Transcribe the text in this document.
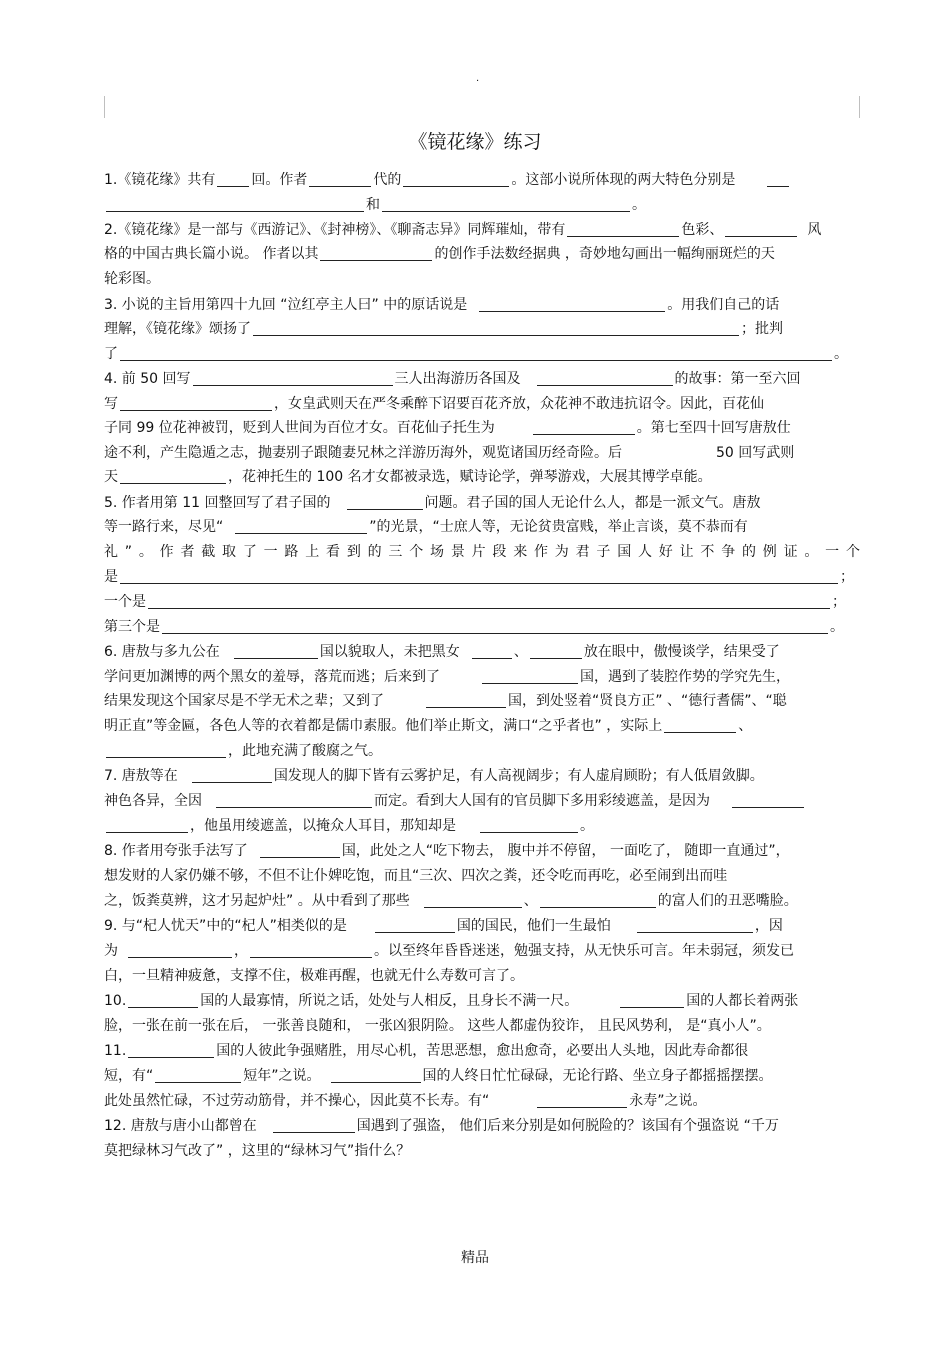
.
《镜花缘》练习
1.《镜花缘》共有	回。作者	代的	。这部小说所体现的两大特色分别是
和	。
2.《镜花缘》是一部与《西游记》、《封神榜》、《聊斋志异》同辉璀灿，带有	色彩、	风
格的中国古典长篇小说。 作者以其	的创作手法数经据典 ，奇妙地勾画出一幅绚丽斑烂的天
轮彩图。
3. 小说的主旨用第四十九回 “泣红亭主人曰” 中的原话说是	。用我们自己的话
理解，《镜花缘》颂扬了	；批判
了	。
4. 前 50 回写	三人出海游历各国及	的故事：第一至六回
写	，女皇武则天在严冬乘醉下诏要百花齐放，众花神不敢违抗诏令。因此，百花仙
子同 99 位花神被罚，贬到人世间为百位才女。百花仙子托生为	。第七至四十回写唐敖仕
途不利，产生隐遁之志，抛妻别子跟随妻兄林之洋游历海外，观览诸国历经奇险。后	50 回写武则
天	，花神托生的 100 名才女都被录选，赋诗论学，弹琴游戏，大展其博学卓能。
5. 作者用第 11 回整回写了君子国的	问题。君子国的国人无论什么人，都是一派文气。唐敖
等一路行来，尽见“	”的光景，“士庶人等，无论贫贵富贱，举止言谈，莫不恭而有
礼”。作者截取了一路上看到的三个场景片段来作为君子国人好让不争的例证。一个
是	；
一个是	；
第三个是	。
6. 唐敖与多九公在	国以貌取人，未把黑女	、	放在眼中，傲慢谈学，结果受了
学问更加渊博的两个黑女的羞辱，落荒而逃；后来到了	国，遇到了装腔作势的学究先生，
结果发现这个国家尽是不学无术之辈；又到了	国，到处竖着“贤良方正” 、“德行耆儒”、“聪
明正直”等金匾，各色人等的衣着都是儒巾素服。他们举止斯文，满口“之乎者也” ，实际上	、
，此地充满了酸腐之气。
7. 唐敖等在	国发现人的脚下皆有云雾护足，有人高视阔步；有人虚肩顾盼；有人低眉敛脚。
神色各异，全因	而定。看到大人国有的官员脚下多用彩绫遮盖，是因为
，他虽用绫遮盖，以掩众人耳目，那知却是	。
8. 作者用夸张手法写了	国，此处之人“吃下物去， 腹中并不停留， 一面吃了， 随即一直通过”，
想发财的人家仍嫌不够，不但不让仆婢吃饱，而且“三次、四次之粪，还令吃而再吃，必至闹到出而哇
之，饭粪莫辨，这才另起炉灶” 。从中看到了那些	、	的富人们的丑恶嘴脸。
9. 与“杞人忧天”中的“杞人”相类似的是	国的国民，他们一生最怕	，因
为	，	。以至终年昏昏迷迷，勉强支持，从无快乐可言。年未弱冠，须发已
白，一旦精神疲惫，支撑不住，极难再醒，也就无什么寿数可言了。
10.	国的人最寡情，所说之话，处处与人相反，且身长不满一尺。	国的人都长着两张
脸，一张在前一张在后， 一张善良随和， 一张凶狠阴险。 这些人都虚伪狡诈， 且民风势利， 是“真小人”。
11.	国的人彼此争强赌胜，用尽心机，苦思恶想，愈出愈奇，必要出人头地，因此寿命都很
短，有“	短年”之说。	国的人终日忙忙碌碌，无论行路、坐立身子都摇摇摆摆。
此处虽然忙碌，不过劳动筋骨，并不操心，因此莫不长寿。有“	永寿”之说。
12. 唐敖与唐小山都曾在	国遇到了强盗， 他们后来分别是如何脱险的？该国有个强盗说 “千万
莫把绿林习气改了” ，这里的“绿林习气”指什么？
精品
